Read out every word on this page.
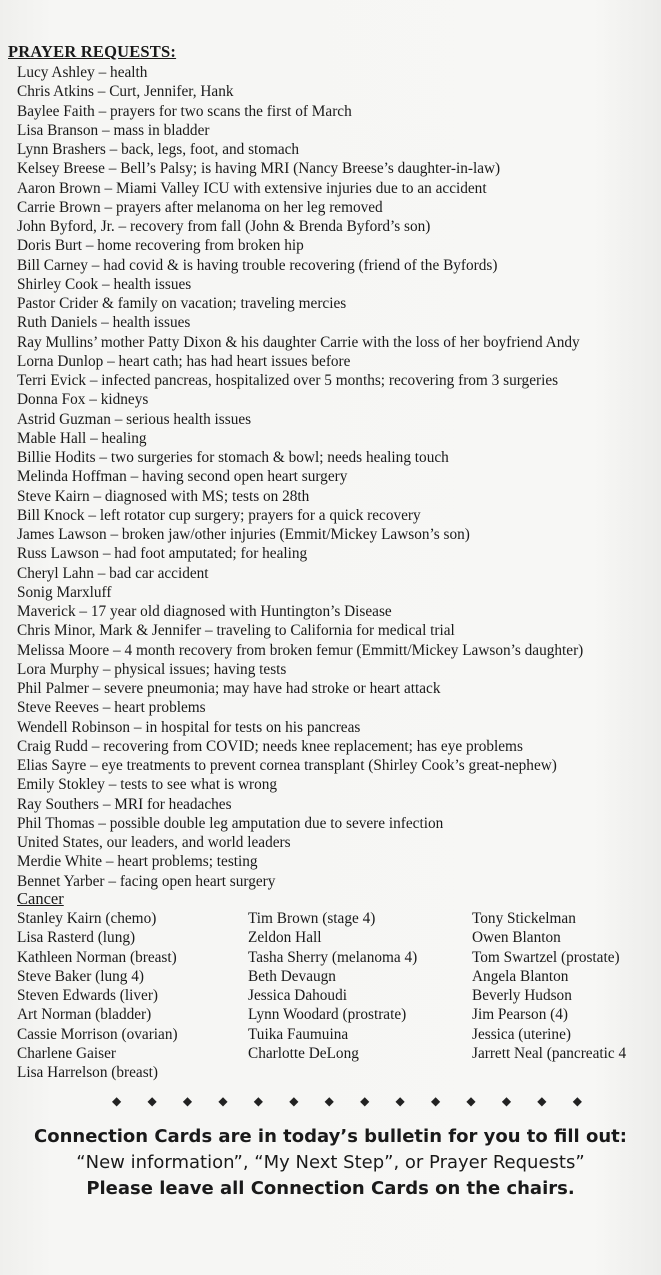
PRAYER REQUESTS:
Lucy Ashley – health
Chris Atkins – Curt, Jennifer, Hank
Baylee Faith – prayers for two scans the first of March
Lisa Branson – mass in bladder
Lynn Brashers – back, legs, foot, and stomach
Kelsey Breese – Bell’s Palsy; is having MRI (Nancy Breese’s daughter-in-law)
Aaron Brown – Miami Valley ICU with extensive injuries due to an accident
Carrie Brown – prayers after melanoma on her leg removed
John Byford, Jr. – recovery from fall (John & Brenda Byford’s son)
Doris Burt – home recovering from broken hip
Bill Carney – had covid & is having trouble recovering (friend of the Byfords)
Shirley Cook – health issues
Pastor Crider & family on vacation; traveling mercies
Ruth Daniels – health issues
Ray Mullins’ mother Patty Dixon & his daughter Carrie with the loss of her boyfriend Andy
Lorna Dunlop – heart cath; has had heart issues before
Terri Evick – infected pancreas, hospitalized over 5 months; recovering from 3 surgeries
Donna Fox – kidneys
Astrid Guzman – serious health issues
Mable Hall – healing
Billie Hodits – two surgeries for stomach & bowl; needs healing touch
Melinda Hoffman – having second open heart surgery
Steve Kairn – diagnosed with MS; tests on 28th
Bill Knock – left rotator cup surgery; prayers for a quick recovery
James Lawson – broken jaw/other injuries (Emmit/Mickey Lawson’s son)
Russ Lawson – had foot amputated; for healing
Cheryl Lahn – bad car accident
Sonig Marxluff
Maverick – 17 year old diagnosed with Huntington’s Disease
Chris Minor, Mark & Jennifer – traveling to California for medical trial
Melissa Moore – 4 month recovery from broken femur (Emmitt/Mickey Lawson’s daughter)
Lora Murphy – physical issues; having tests
Phil Palmer – severe pneumonia; may have had stroke or heart attack
Steve Reeves – heart problems
Wendell Robinson – in hospital for tests on his pancreas
Craig Rudd – recovering from COVID; needs knee replacement; has eye problems
Elias Sayre – eye treatments to prevent cornea transplant (Shirley Cook’s great-nephew)
Emily Stokley – tests to see what is wrong
Ray Southers – MRI for headaches
Phil Thomas – possible double leg amputation due to severe infection
United States, our leaders, and world leaders
Merdie White – heart problems; testing
Bennet Yarber – facing open heart surgery
Cancer
Stanley Kairn (chemo)
Lisa Rasterd (lung)
Kathleen Norman (breast)
Steve Baker (lung 4)
Steven Edwards (liver)
Art Norman (bladder)
Cassie Morrison (ovarian)
Charlene Gaiser
Lisa Harrelson (breast)
Tim Brown (stage 4)
Zeldon Hall
Tasha Sherry (melanoma 4)
Beth Devaugn
Jessica Dahoudi
Lynn Woodard (prostrate)
Tuika Faumuina
Charlotte DeLong
Tony Stickelman
Owen Blanton
Tom Swartzel (prostate)
Angela Blanton
Beverly Hudson
Jim Pearson (4)
Jessica (uterine)
Jarrett Neal (pancreatic 4
◆ ◆ ◆ ◆ ◆ ◆ ◆ ◆ ◆ ◆ ◆ ◆ ◆ ◆
Connection Cards are in today’s bulletin for you to fill out:
“New information”, “My Next Step”, or Prayer Requests”
Please leave all Connection Cards on the chairs.
